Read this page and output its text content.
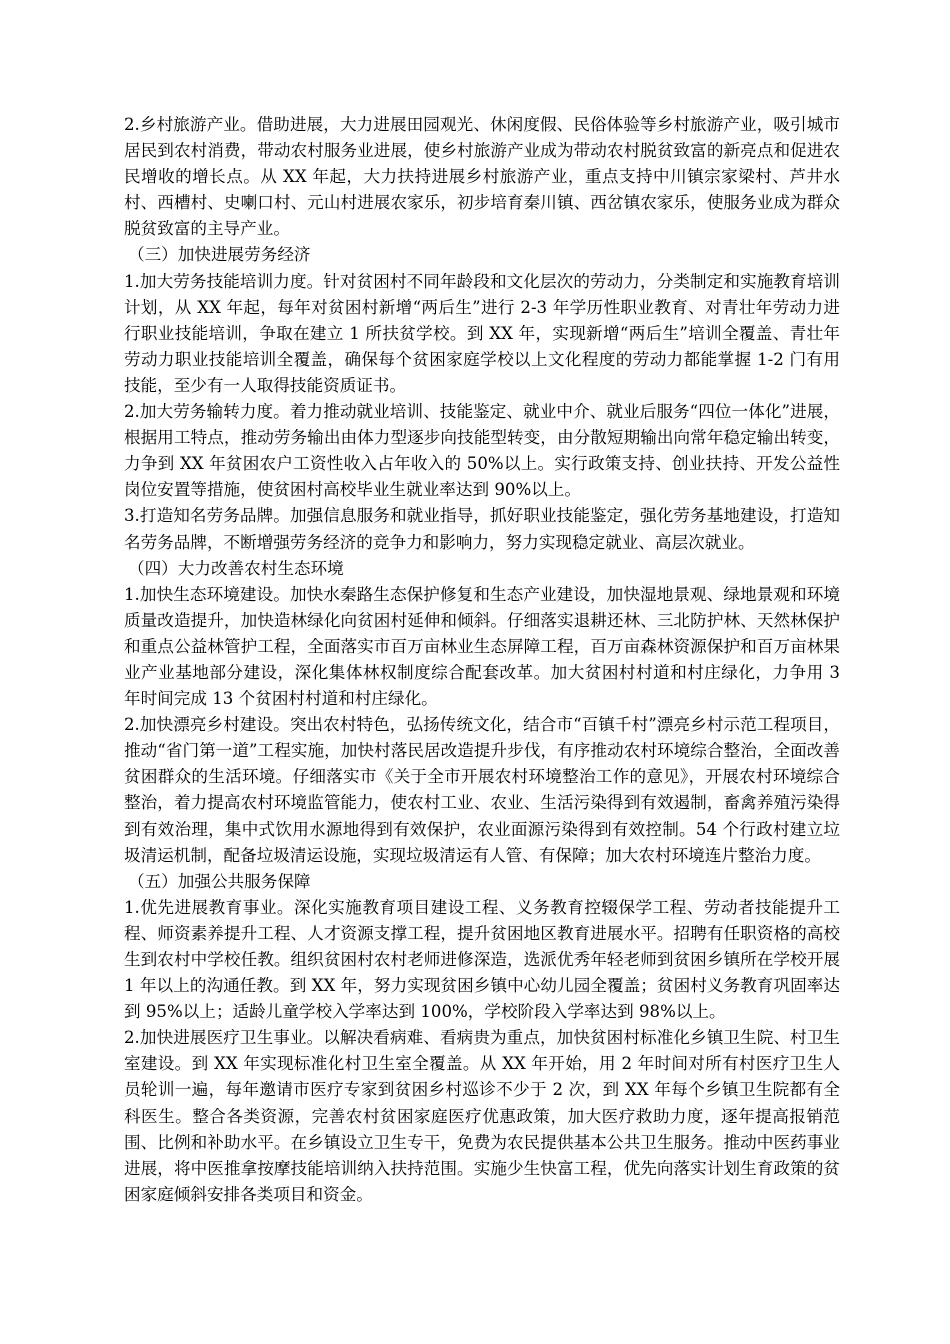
2.乡村旅游产业。借助进展，大力进展田园观光、休闲度假、民俗体验等乡村旅游产业，吸引城市居民到农村消费，带动农村服务业进展，使乡村旅游产业成为带动农村脱贫致富的新亮点和促进农民增收的增长点。从 XX 年起，大力扶持进展乡村旅游产业，重点支持中川镇宗家梁村、芦井水村、西槽村、史喇口村、元山村进展农家乐，初步培育秦川镇、西岔镇农家乐，使服务业成为群众脱贫致富的主导产业。

（三）加快进展劳务经济

1.加大劳务技能培训力度。针对贫困村不同年龄段和文化层次的劳动力，分类制定和实施教育培训计划，从 XX 年起，每年对贫困村新增“两后生”进行 2-3 年学历性职业教育、对青壮年劳动力进行职业技能培训，争取在建立 1 所扶贫学校。到 XX 年，实现新增“两后生”培训全覆盖、青壮年劳动力职业技能培训全覆盖，确保每个贫困家庭学校以上文化程度的劳动力都能掌握 1-2 门有用技能，至少有一人取得技能资质证书。

2.加大劳务输转力度。着力推动就业培训、技能鉴定、就业中介、就业后服务“四位一体化”进展，根据用工特点，推动劳务输出由体力型逐步向技能型转变，由分散短期输出向常年稳定输出转变，力争到 XX 年贫困农户工资性收入占年收入的 50%以上。实行政策支持、创业扶持、开发公益性岗位安置等措施，使贫困村高校毕业生就业率达到 90%以上。

3.打造知名劳务品牌。加强信息服务和就业指导，抓好职业技能鉴定，强化劳务基地建设，打造知名劳务品牌，不断增强劳务经济的竞争力和影响力，努力实现稳定就业、高层次就业。

（四）大力改善农村生态环境

1.加快生态环境建设。加快水秦路生态保护修复和生态产业建设，加快湿地景观、绿地景观和环境质量改造提升，加快造林绿化向贫困村延伸和倾斜。仔细落实退耕还林、三北防护林、天然林保护和重点公益林管护工程，全面落实市百万亩林业生态屏障工程，百万亩森林资源保护和百万亩林果业产业基地部分建设，深化集体林权制度综合配套改革。加大贫困村村道和村庄绿化，力争用 3 年时间完成 13 个贫困村村道和村庄绿化。

2.加快漂亮乡村建设。突出农村特色，弘扬传统文化，结合市“百镇千村”漂亮乡村示范工程项目，推动“省门第一道”工程实施，加快村落民居改造提升步伐，有序推动农村环境综合整治，全面改善贫困群众的生活环境。仔细落实市《关于全市开展农村环境整治工作的意见》，开展农村环境综合整治，着力提高农村环境监管能力，使农村工业、农业、生活污染得到有效遏制，畜禽养殖污染得到有效治理，集中式饮用水源地得到有效保护，农业面源污染得到有效控制。54 个行政村建立垃圾清运机制，配备垃圾清运设施，实现垃圾清运有人管、有保障；加大农村环境连片整治力度。

（五）加强公共服务保障

1.优先进展教育事业。深化实施教育项目建设工程、义务教育控辍保学工程、劳动者技能提升工程、师资素养提升工程、人才资源支撑工程，提升贫困地区教育进展水平。招聘有任职资格的高校生到农村中学校任教。组织贫困村农村老师进修深造，选派优秀年轻老师到贫困乡镇所在学校开展 1 年以上的沟通任教。到 XX 年，努力实现贫困乡镇中心幼儿园全覆盖；贫困村义务教育巩固率达到 95%以上；适龄儿童学校入学率达到 100%，学校阶段入学率达到 98%以上。

2.加快进展医疗卫生事业。以解决看病难、看病贵为重点，加快贫困村标准化乡镇卫生院、村卫生室建设。到 XX 年实现标准化村卫生室全覆盖。从 XX 年开始，用 2 年时间对所有村医疗卫生人员轮训一遍，每年邀请市医疗专家到贫困乡村巡诊不少于 2 次，到 XX 年每个乡镇卫生院都有全科医生。整合各类资源，完善农村贫困家庭医疗优惠政策，加大医疗救助力度，逐年提高报销范围、比例和补助水平。在乡镇设立卫生专干，免费为农民提供基本公共卫生服务。推动中医药事业进展，将中医推拿按摩技能培训纳入扶持范围。实施少生快富工程，优先向落实计划生育政策的贫困家庭倾斜安排各类项目和资金。
